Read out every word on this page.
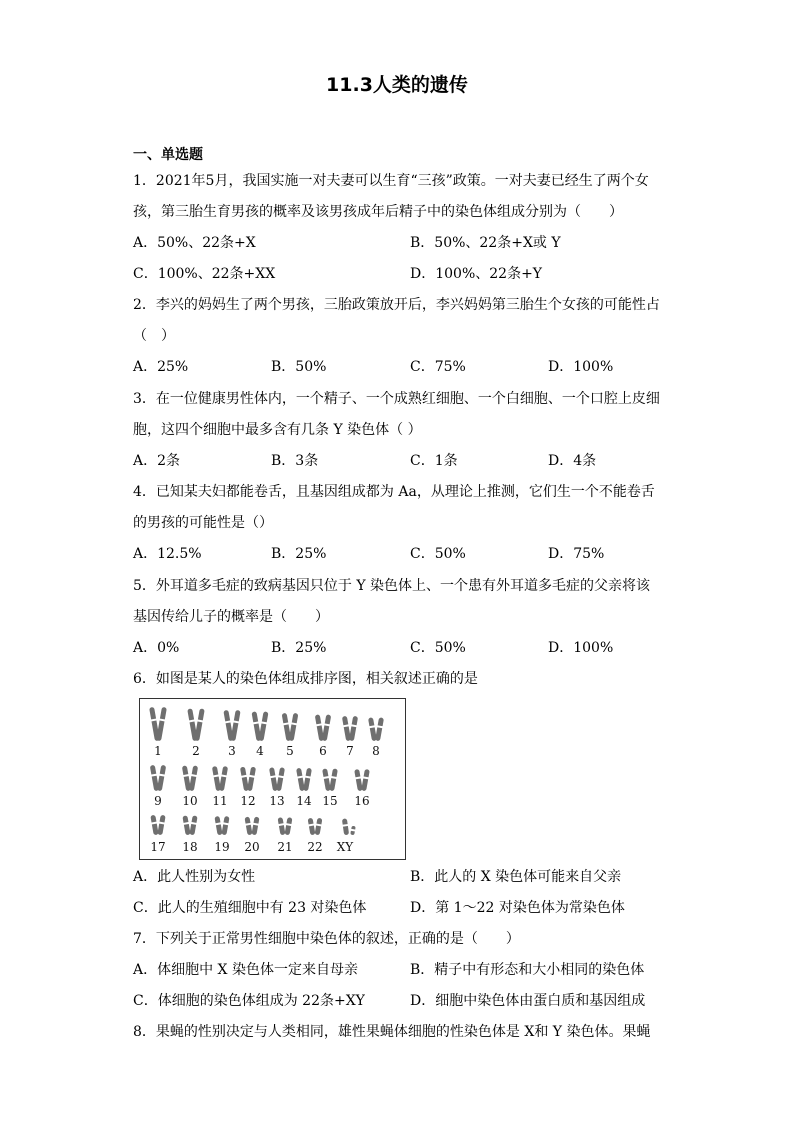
11.3人类的遗传
一、单选题
1．2021年5月，我国实施一对夫妻可以生育“三孩”政策。一对夫妻已经生了两个女
孩，第三胎生育男孩的概率及该男孩成年后精子中的染色体组成分别为（　　）
A．50%、22条+X	B．50%、22条+X或 Y
C．100%、22条+XX	D．100%、22条+Y
2．李兴的妈妈生了两个男孩，三胎政策放开后，李兴妈妈第三胎生个女孩的可能性占
（　）
A．25%	B．50%	C．75%	D．100%
3．在一位健康男性体内，一个精子、一个成熟红细胞、一个白细胞、一个口腔上皮细
胞，这四个细胞中最多含有几条 Y 染色体（ ）
A．2条	B．3条	C．1条	D．4条
4．已知某夫妇都能卷舌，且基因组成都为 Aa，从理论上推测，它们生一个不能卷舌
的男孩的可能性是（）
A．12.5%	B．25%	C．50%	D．75%
5．外耳道多毛症的致病基因只位于 Y 染色体上、一个患有外耳道多毛症的父亲将该
基因传给儿子的概率是（　　）
A．0%	B．25%	C．50%	D．100%
6．如图是某人的染色体组成排序图，相关叙述正确的是
1	2 3 4 5 6 7 8
9 10 11 12 13 14 15 16
17 18 19 20 21 22 XY
A．此人性别为女性	B．此人的 X 染色体可能来自父亲
C．此人的生殖细胞中有 23 对染色体	D．第 1～22 对染色体为常染色体
7．下列关于正常男性细胞中染色体的叙述，正确的是（　　）
A．体细胞中 X 染色体一定来自母亲	B．精子中有形态和大小相同的染色体
C．体细胞的染色体组成为 22条+XY	D．细胞中染色体由蛋白质和基因组成
8．果蝇的性别决定与人类相同，雄性果蝇体细胞的性染色体是 X和 Y 染色体。果蝇
